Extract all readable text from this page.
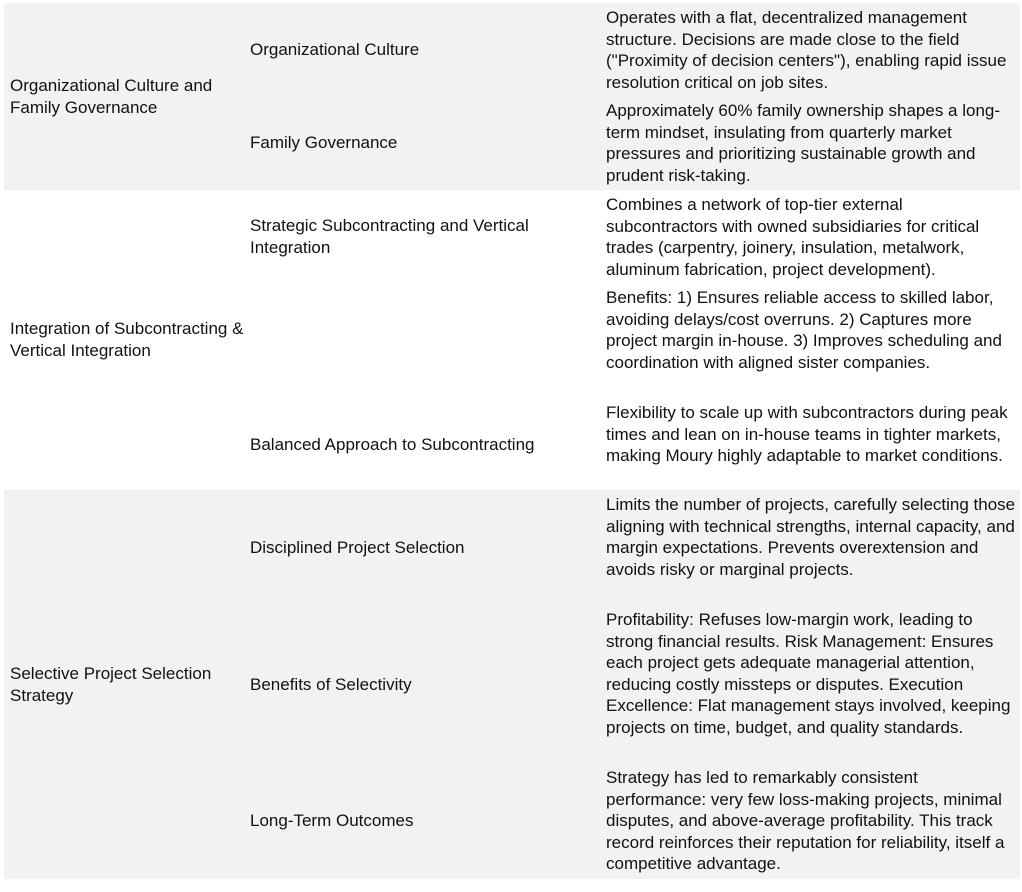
Organizational Culture and Family Governance
Organizational Culture
Operates with a flat, decentralized management structure. Decisions are made close to the field ("Proximity of decision centers"), enabling rapid issue resolution critical on job sites.
Family Governance
Approximately 60% family ownership shapes a long-term mindset, insulating from quarterly market pressures and prioritizing sustainable growth and prudent risk-taking.
Integration of Subcontracting & Vertical Integration
Strategic Subcontracting and Vertical Integration
Combines a network of top-tier external subcontractors with owned subsidiaries for critical trades (carpentry, joinery, insulation, metalwork, aluminum fabrication, project development).
Benefits: 1) Ensures reliable access to skilled labor, avoiding delays/cost overruns. 2) Captures more project margin in-house. 3) Improves scheduling and coordination with aligned sister companies.
Balanced Approach to Subcontracting
Flexibility to scale up with subcontractors during peak times and lean on in-house teams in tighter markets, making Moury highly adaptable to market conditions.
Selective Project Selection Strategy
Disciplined Project Selection
Limits the number of projects, carefully selecting those aligning with technical strengths, internal capacity, and margin expectations. Prevents overextension and avoids risky or marginal projects.
Benefits of Selectivity
Profitability: Refuses low-margin work, leading to strong financial results. Risk Management: Ensures each project gets adequate managerial attention, reducing costly missteps or disputes. Execution Excellence: Flat management stays involved, keeping projects on time, budget, and quality standards.
Long-Term Outcomes
Strategy has led to remarkably consistent performance: very few loss-making projects, minimal disputes, and above-average profitability. This track record reinforces their reputation for reliability, itself a competitive advantage.
